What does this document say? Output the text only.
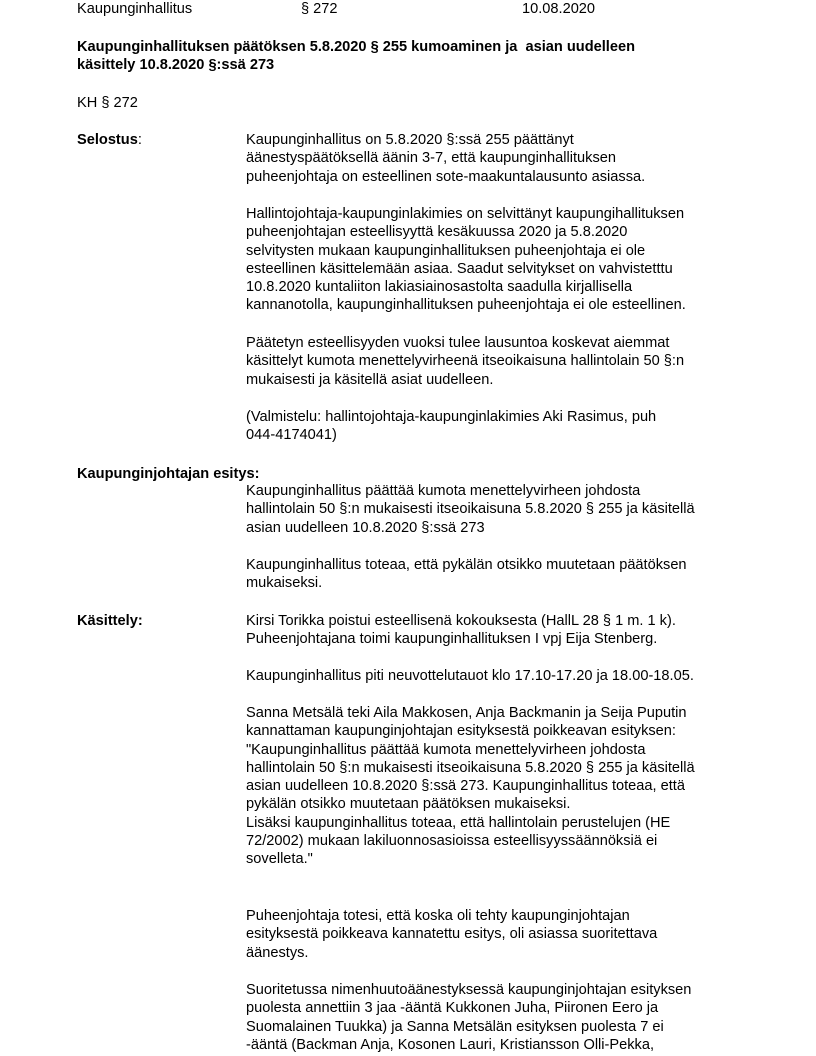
Kaupunginhallitus	§ 272	10.08.2020
Kaupunginhallituksen päätöksen 5.8.2020 § 255 kumoaminen ja  asian uudelleen
käsittely 10.8.2020 §:ssä 273
KH § 272
Selostus:	Kaupunginhallitus on 5.8.2020 §:ssä 255 päättänyt
äänestyspäätöksellä äänin 3-7, että kaupunginhallituksen
puheenjohtaja on esteellinen sote-maakuntalausunto asiassa.
Hallintojohtaja-kaupunginlakimies on selvittänyt kaupungihallituksen
puheenjohtajan esteellisyyttä kesäkuussa 2020 ja 5.8.2020
selvitysten mukaan kaupunginhallituksen puheenjohtaja ei ole
esteellinen käsittelemään asiaa. Saadut selvitykset on vahvistetttu
10.8.2020 kuntaliiton lakiasiainosastolta saadulla kirjallisella
kannanotolla, kaupunginhallituksen puheenjohtaja ei ole esteellinen.
Päätetyn esteellisyyden vuoksi tulee lausuntoa koskevat aiemmat
käsittelyt kumota menettelyvirheenä itseoikaisuna hallintolain 50 §:n
mukaisesti ja käsitellä asiat uudelleen.
(Valmistelu: hallintojohtaja-kaupunginlakimies Aki Rasimus, puh
044-4174041)
Kaupunginjohtajan esitys:
Kaupunginhallitus päättää kumota menettelyvirheen johdosta
hallintolain 50 §:n mukaisesti itseoikaisuna 5.8.2020 § 255 ja käsitellä
asian uudelleen 10.8.2020 §:ssä 273
Kaupunginhallitus toteaa, että pykälän otsikko muutetaan päätöksen
mukaiseksi.
Käsittely:	Kirsi Torikka poistui esteellisenä kokouksesta (HallL 28 § 1 m. 1 k).
Puheenjohtajana toimi kaupunginhallituksen I vpj Eija Stenberg.
Kaupunginhallitus piti neuvottelutauot klo 17.10-17.20 ja 18.00-18.05.
Sanna Metsälä teki Aila Makkosen, Anja Backmanin ja Seija Puputin
kannattaman kaupunginjohtajan esityksestä poikkeavan esityksen:
"Kaupunginhallitus päättää kumota menettelyvirheen johdosta
hallintolain 50 §:n mukaisesti itseoikaisuna 5.8.2020 § 255 ja käsitellä
asian uudelleen 10.8.2020 §:ssä 273. Kaupunginhallitus toteaa, että
pykälän otsikko muutetaan päätöksen mukaiseksi.
Lisäksi kaupunginhallitus toteaa, että hallintolain perustelujen (HE
72/2002) mukaan lakiluonnosasioissa esteellisyyssäännöksiä ei
sovelleta."
Puheenjohtaja totesi, että koska oli tehty kaupunginjohtajan
esityksestä poikkeava kannatettu esitys, oli asiassa suoritettava
äänestys.
Suoritetussa nimenhuutoäänestyksessä kaupunginjohtajan esityksen
puolesta annettiin 3 jaa -ääntä Kukkonen Juha, Piironen Eero ja
Suomalainen Tuukka) ja Sanna Metsälän esityksen puolesta 7 ei
-ääntä (Backman Anja, Kosonen Lauri, Kristiansson Olli-Pekka,
